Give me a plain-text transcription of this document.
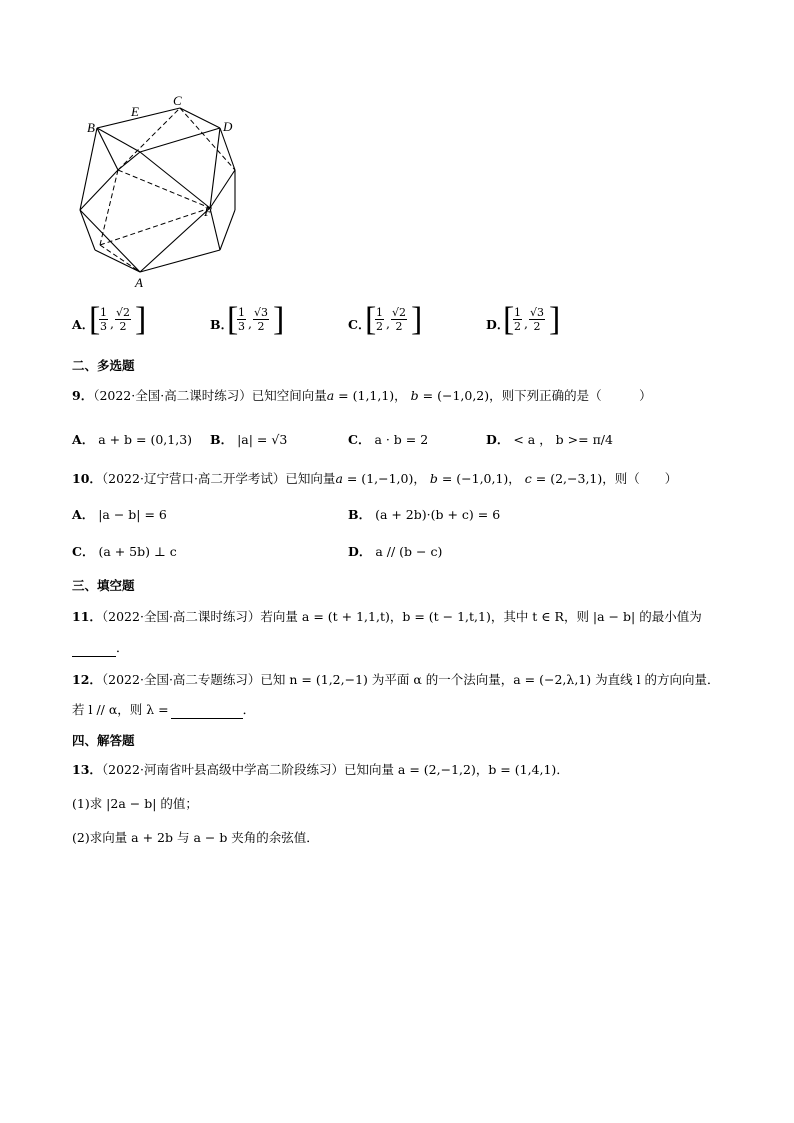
B
E
C
D
F
A
A．
[
$\frac{1}{3}$ , $\frac{√2}{2}$ ]	B．
[
$\frac{1}{3}$ , $\frac{√3}{2}$ ]	C．
[
$\frac{1}{2}$ , $\frac{√2}{2}$ ]	D．
[
$\frac{1}{2}$ , $\frac{√3}{2}$ ]
二、多选题
9．（2022·全国·高二课时练习）已知空间向量a = (1,1,1)， b = (−1,0,2)，则下列正确的是（　　　）
A． a + b = (0,1,3) B． |a| = √3	C． a · b = 2	D． < a ， b >= π/4
10．（2022·辽宁营口·高二开学考试）已知向量a = (1,−1,0)， b = (−1,0,1)， c = (2,−3,1)，则（　　）
A． |a − b| = 6	B． (a + 2b)·(b + c) = 6
C． (a + 5b) ⊥ c	D． a // (b − c)
三、填空题
11．（2022·全国·高二课时练习）若向量 a = (t + 1,1,t)，b = (t − 1,t,1)，其中 t ∈ R，则 |a − b| 的最小值为
．
12．（2022·全国·高二专题练习）已知 n = (1,2,−1) 为平面 α 的一个法向量，a = (−2,λ,1) 为直线 l 的方向向量．
若 l // α，则 λ =	．
四、解答题
13．（2022·河南省叶县高级中学高二阶段练习）已知向量 a = (2,−1,2)，b = (1,4,1)．
(1)求 |2a − b| 的值；
(2)求向量 a + 2b 与 a − b 夹角的余弦值．
